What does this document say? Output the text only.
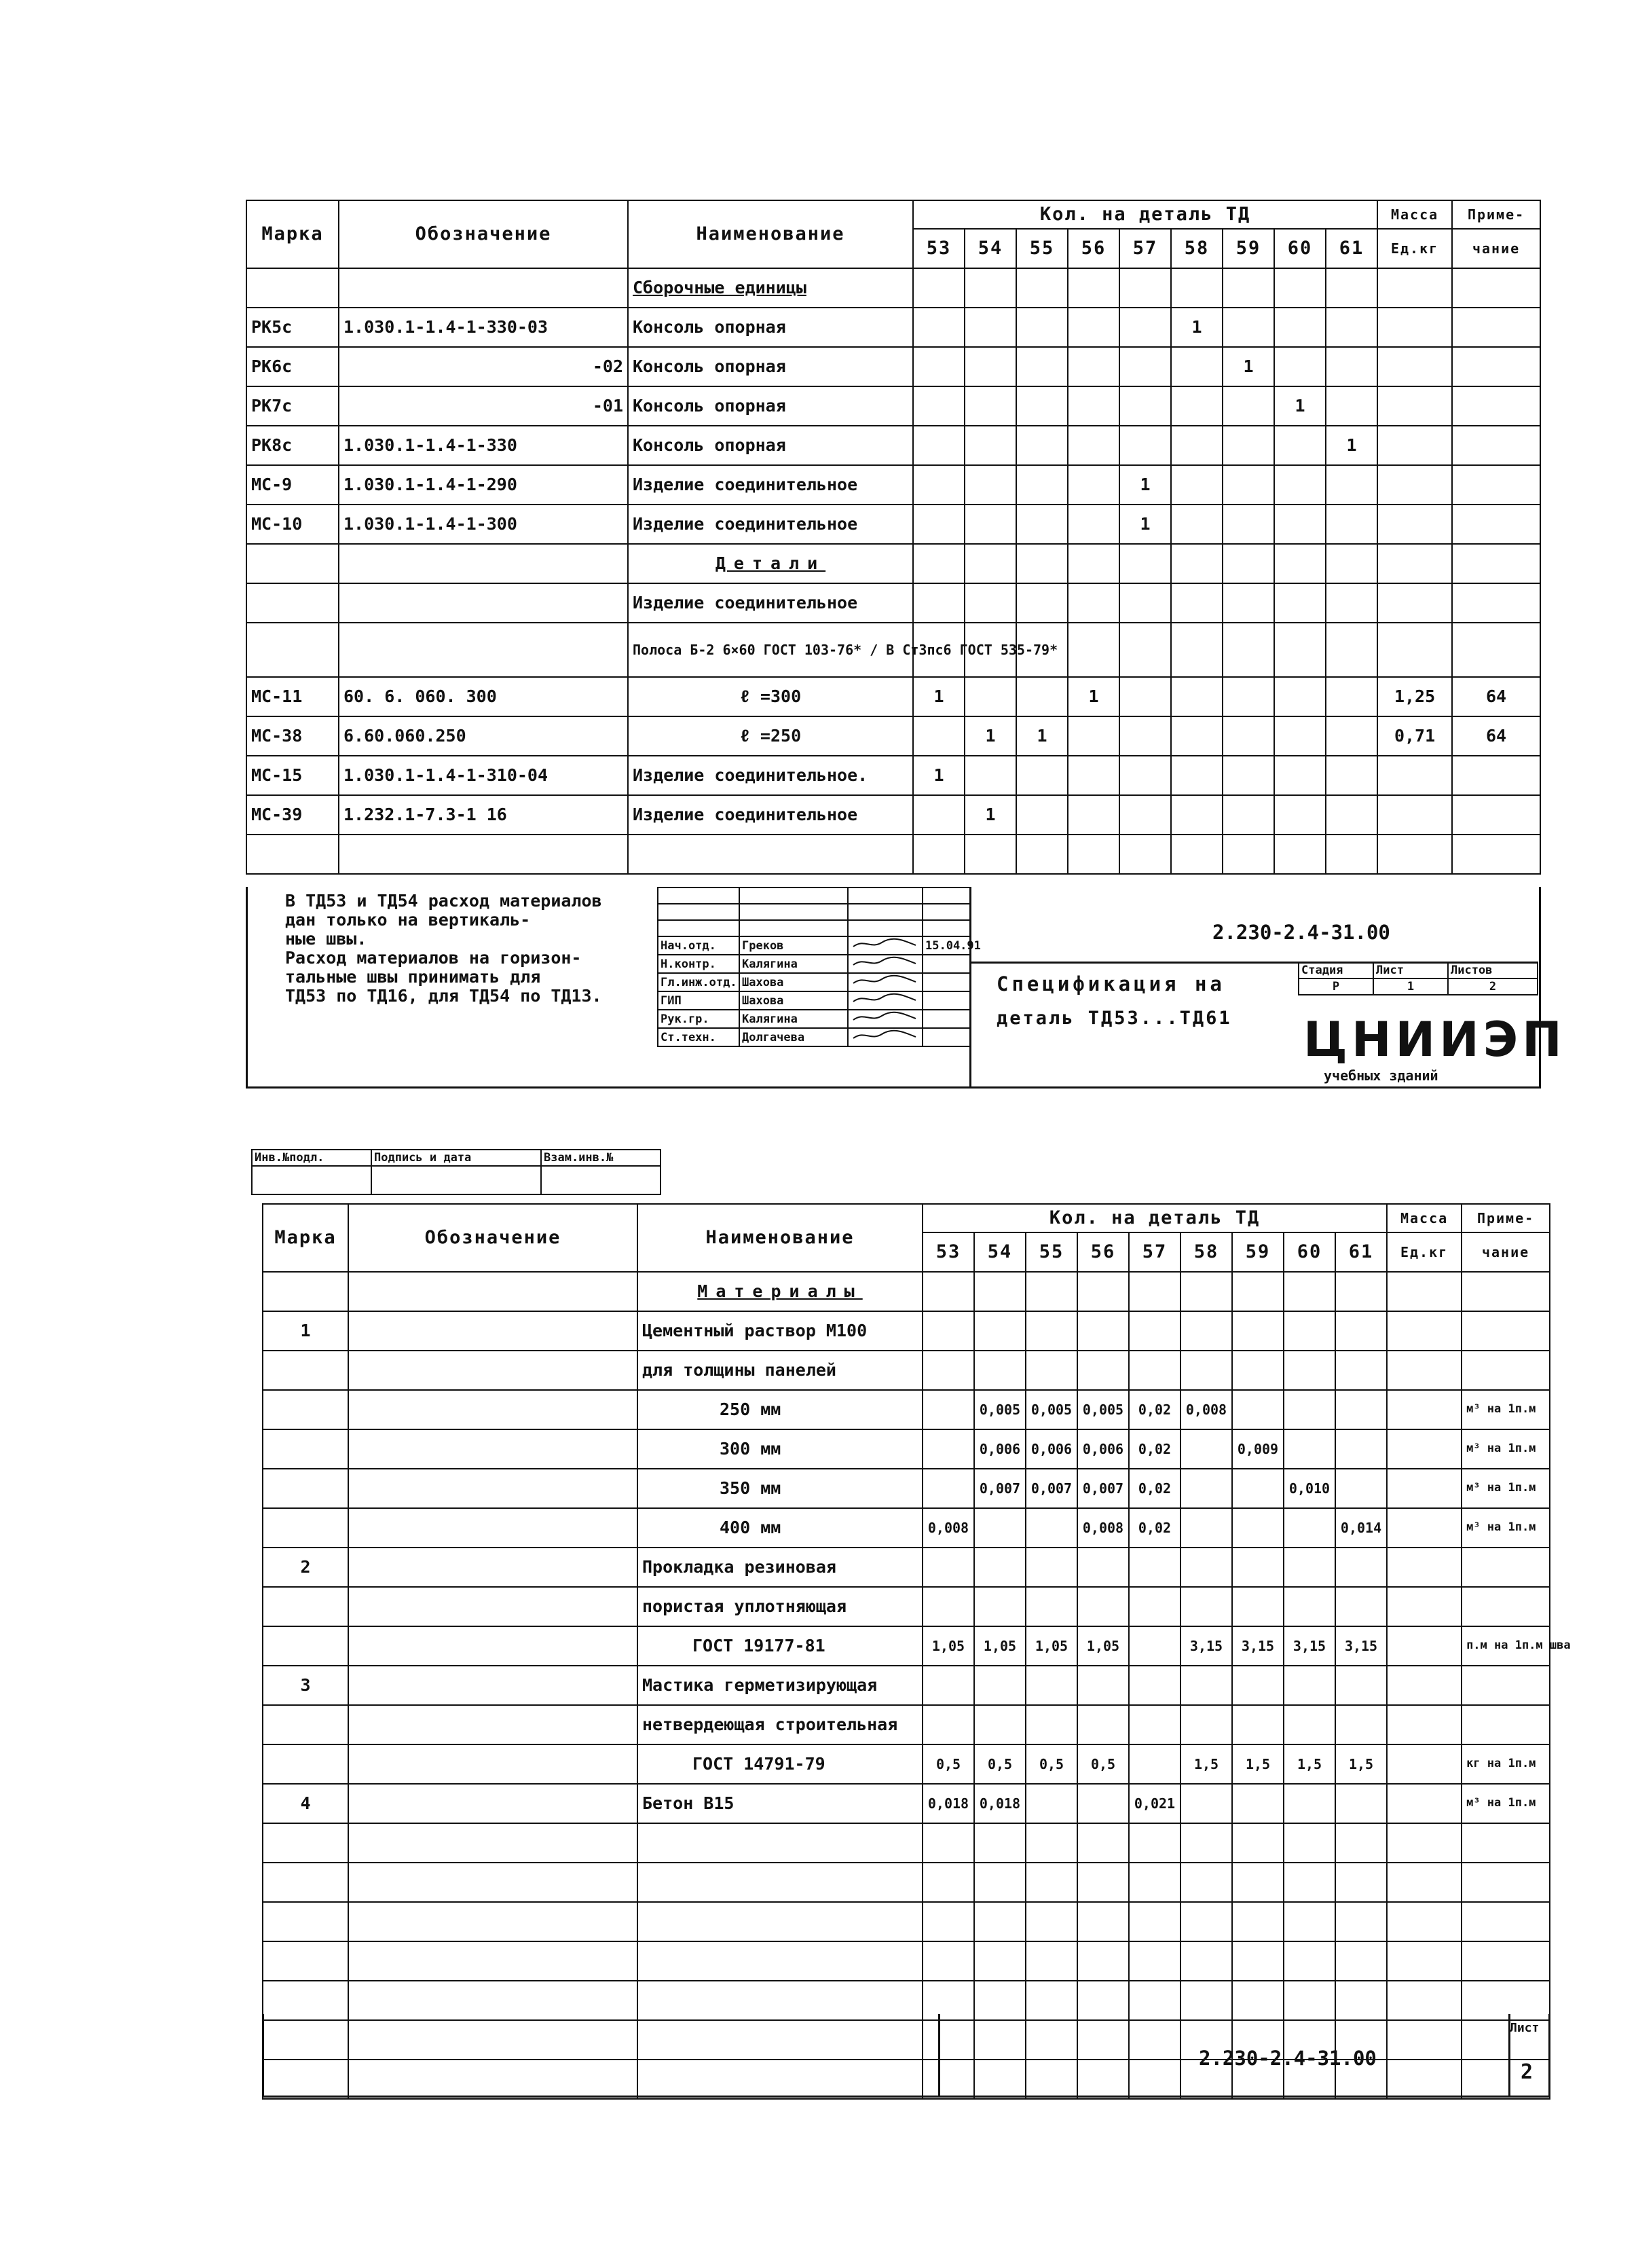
Марка	Обозначение	Наименование	Кол. на деталь ТД									Масса	Приме-
			53	54	55	56	57	58	59	60	61	Ед.кг	чание
		Сборочные единицы											
РК5с	1.030.1-1.4-1-330-03	Консоль опорная						1					
РК6с	-02	Консоль опорная							1				
РК7с	-01	Консоль опорная								1			
РК8с	1.030.1-1.4-1-330	Консоль опорная									1		
МС-9	1.030.1-1.4-1-290	Изделие соединительное					1						
МС-10	1.030.1-1.4-1-300	Изделие соединительное					1						
		Детали											
		Изделие соединительное											
		Полоса Б-2 6×60 ГОСТ 103-76* / В Ст3пс6 ГОСТ 535-79*											
МС-11	60. 6. 060. 300	ℓ =300	1			1						1,25	64
МС-38	6.60.060.250	ℓ =250		1	1							0,71	64
МС-15	1.030.1-1.4-1-310-04	Изделие соединительное.	1										
МС-39	1.232.1-7.3-1 16	Изделие соединительное		1									

В ТД53 и ТД54 расход материалов
дан только на вертикаль-
ные швы.
Расход материалов на горизон-
тальные швы принимать для
ТД53 по ТД16, для ТД54 по ТД13.

Нач.отд.	Греков		15.04.91
Н.контр.	Калягина		
Гл.инж.отд.	Шахова		
ГИП	Шахова		
Рук.гр.	Калягина		
Ст.техн.	Долгачева		
2.230-2.4-31.00
Спецификация на
деталь ТД53...ТД61
Стадия	Лист	Листов
Р	1	2
ЦНИИЭП
учебных зданий
Инв.№подл.	Подпись и дата	Взам.инв.№

Марка	Обозначение	Наименование	Кол. на деталь ТД									Масса	Приме-
			53	54	55	56	57	58	59	60	61	Ед.кг	чание
		Материалы											
1		Цементный раствор М100											
		для толщины панелей											
		250 мм		0,005	0,005	0,005	0,02	0,008					м³ на 1п.м
		300 мм		0,006	0,006	0,006	0,02		0,009				м³ на 1п.м
		350 мм		0,007	0,007	0,007	0,02			0,010			м³ на 1п.м
		400 мм	0,008			0,008	0,02				0,014		м³ на 1п.м
2		Прокладка резиновая											
		пористая уплотняющая											
		ГОСТ 19177-81	1,05	1,05	1,05	1,05		3,15	3,15	3,15	3,15		п.м на 1п.м шва
3		Мастика герметизирующая											
		нетвердеющая строительная											
		ГОСТ 14791-79	0,5	0,5	0,5	0,5		1,5	1,5	1,5	1,5		кг на 1п.м
4		Бетон В15	0,018	0,018			0,021						м³ на 1п.м

2.230-2.4-31.00
Лист
2
